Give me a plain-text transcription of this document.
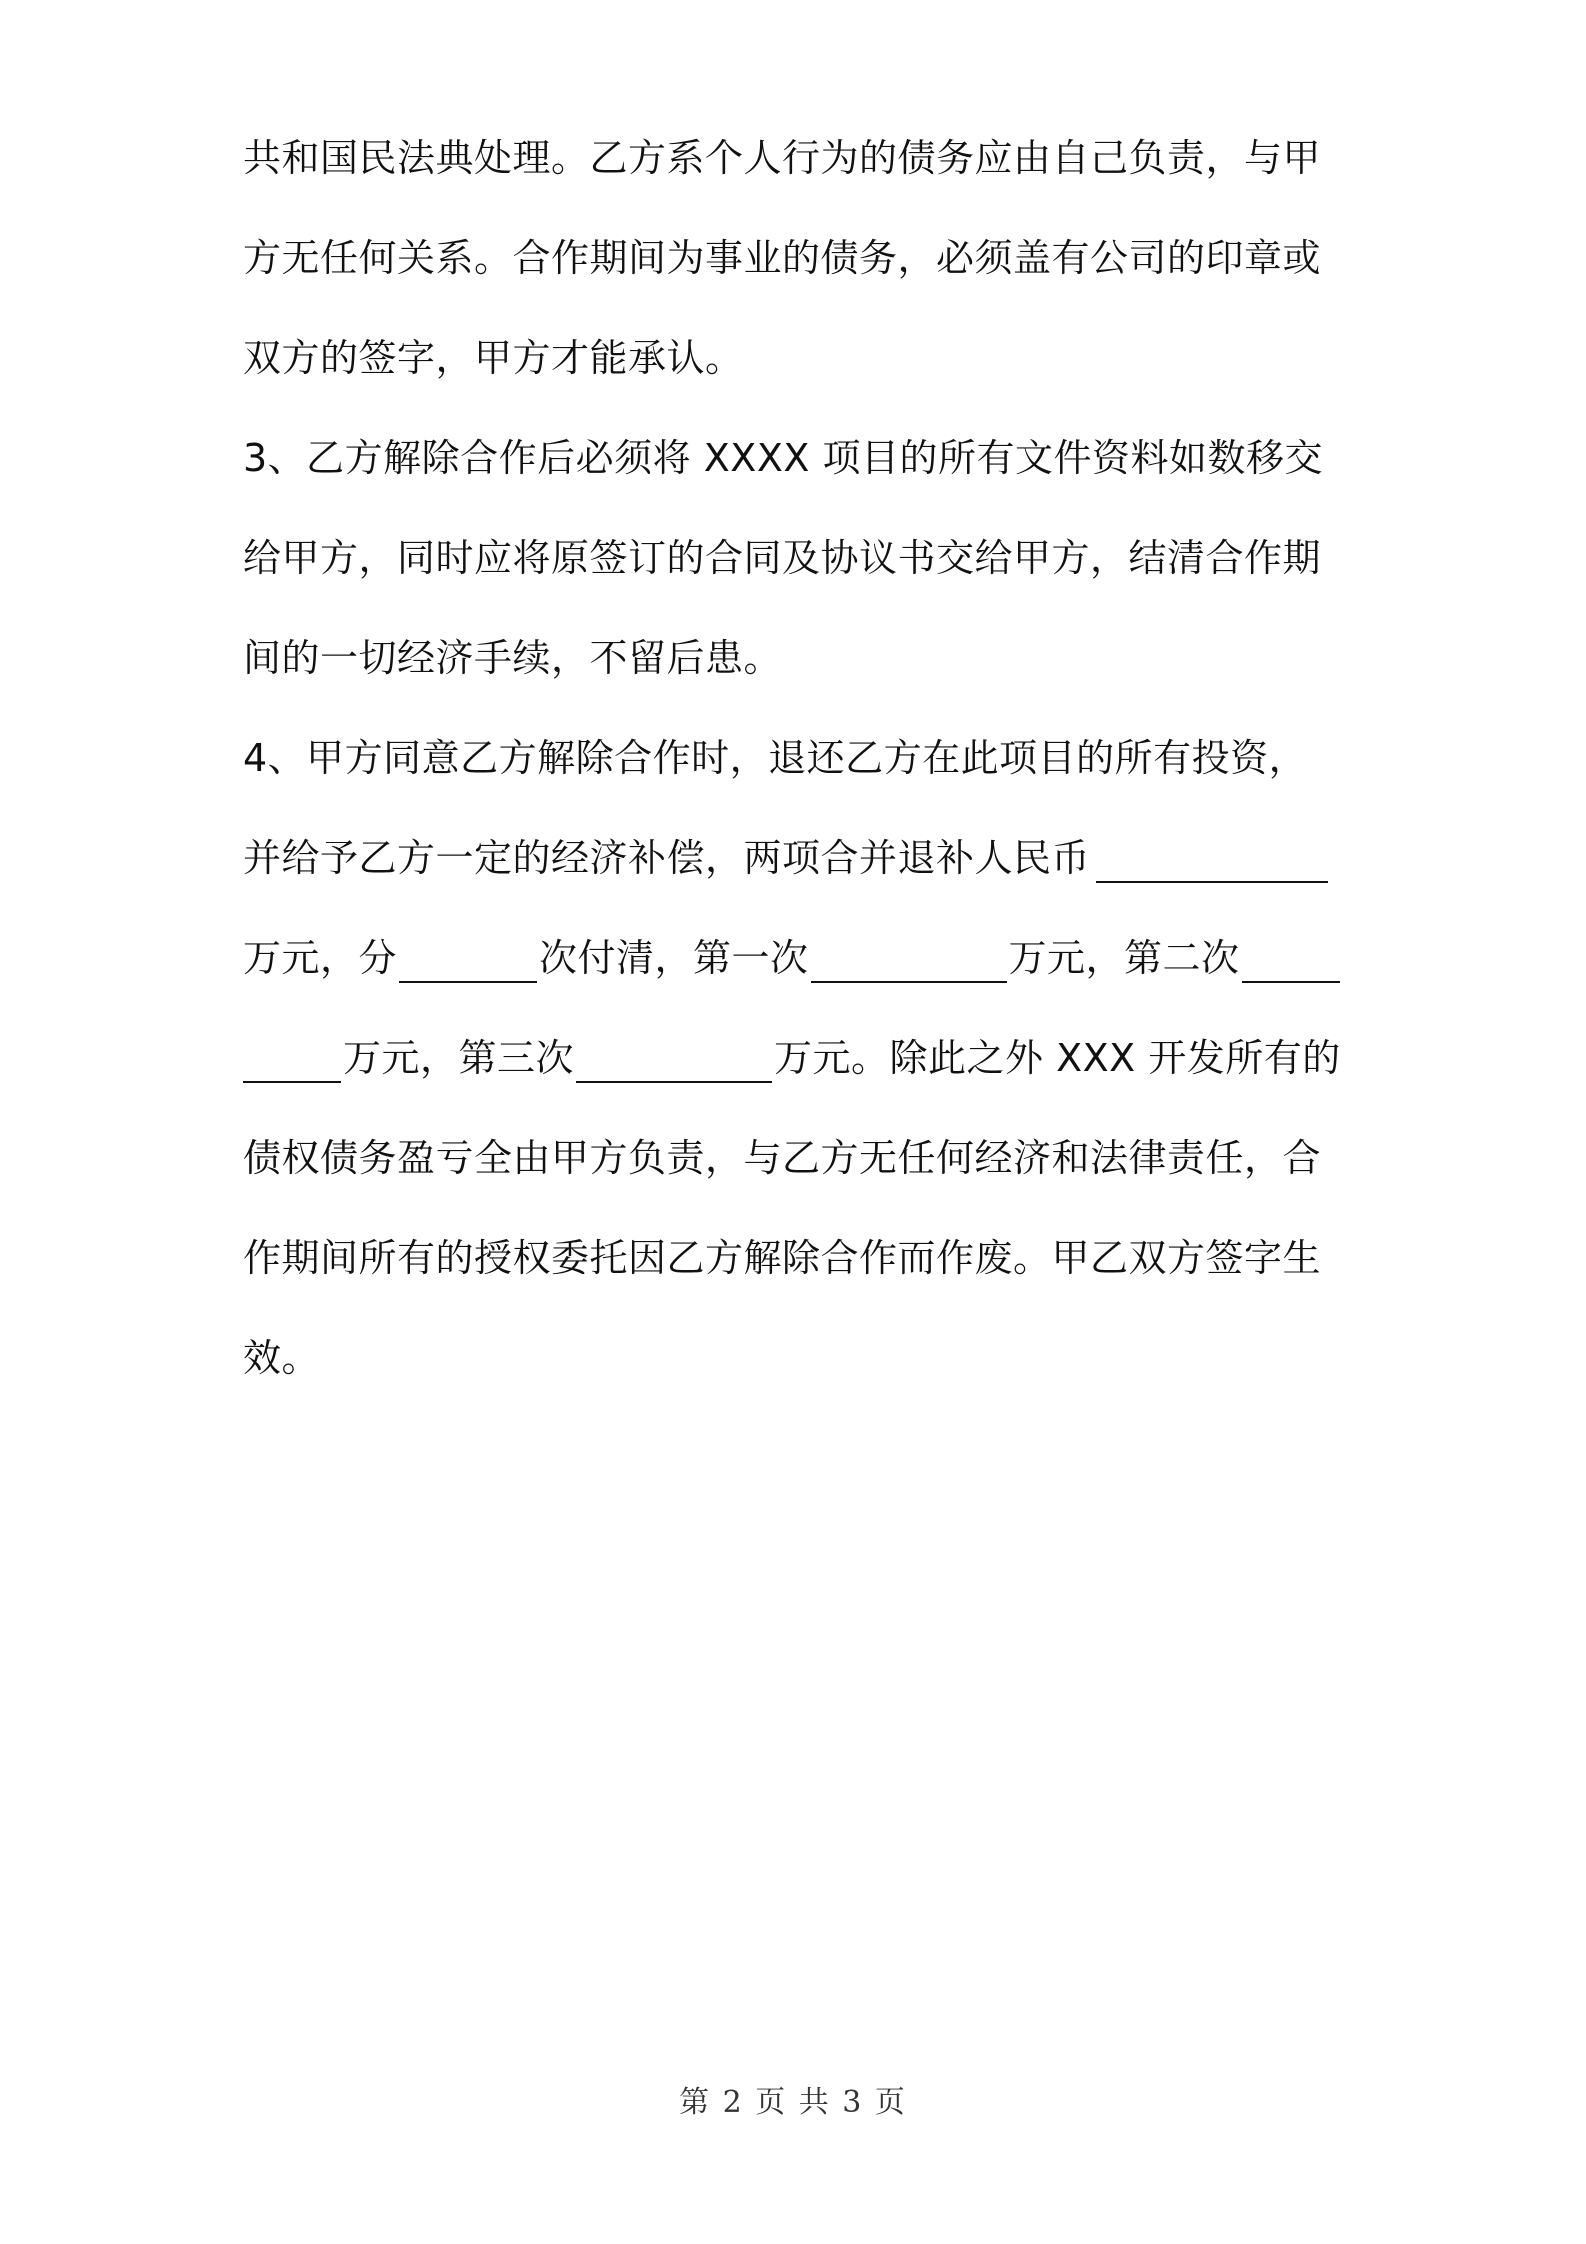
共和国民法典处理。乙方系个人行为的债务应由自己负责，与甲
方无任何关系。合作期间为事业的债务，必须盖有公司的印章或
双方的签字，甲方才能承认。
3、乙方解除合作后必须将 XXXX 项目的所有文件资料如数移交
给甲方，同时应将原签订的合同及协议书交给甲方，结清合作期
间的一切经济手续，不留后患。
4、甲方同意乙方解除合作时，退还乙方在此项目的所有投资，
并给予乙方一定的经济补偿，两项合并退补人民币
万元，分	次付清，第一次	万元，第二次
万元，第三次	万元。除此之外 XXX 开发所有的
债权债务盈亏全由甲方负责，与乙方无任何经济和法律责任，合
作期间所有的授权委托因乙方解除合作而作废。甲乙双方签字生
效。
第 2 页 共 3 页
